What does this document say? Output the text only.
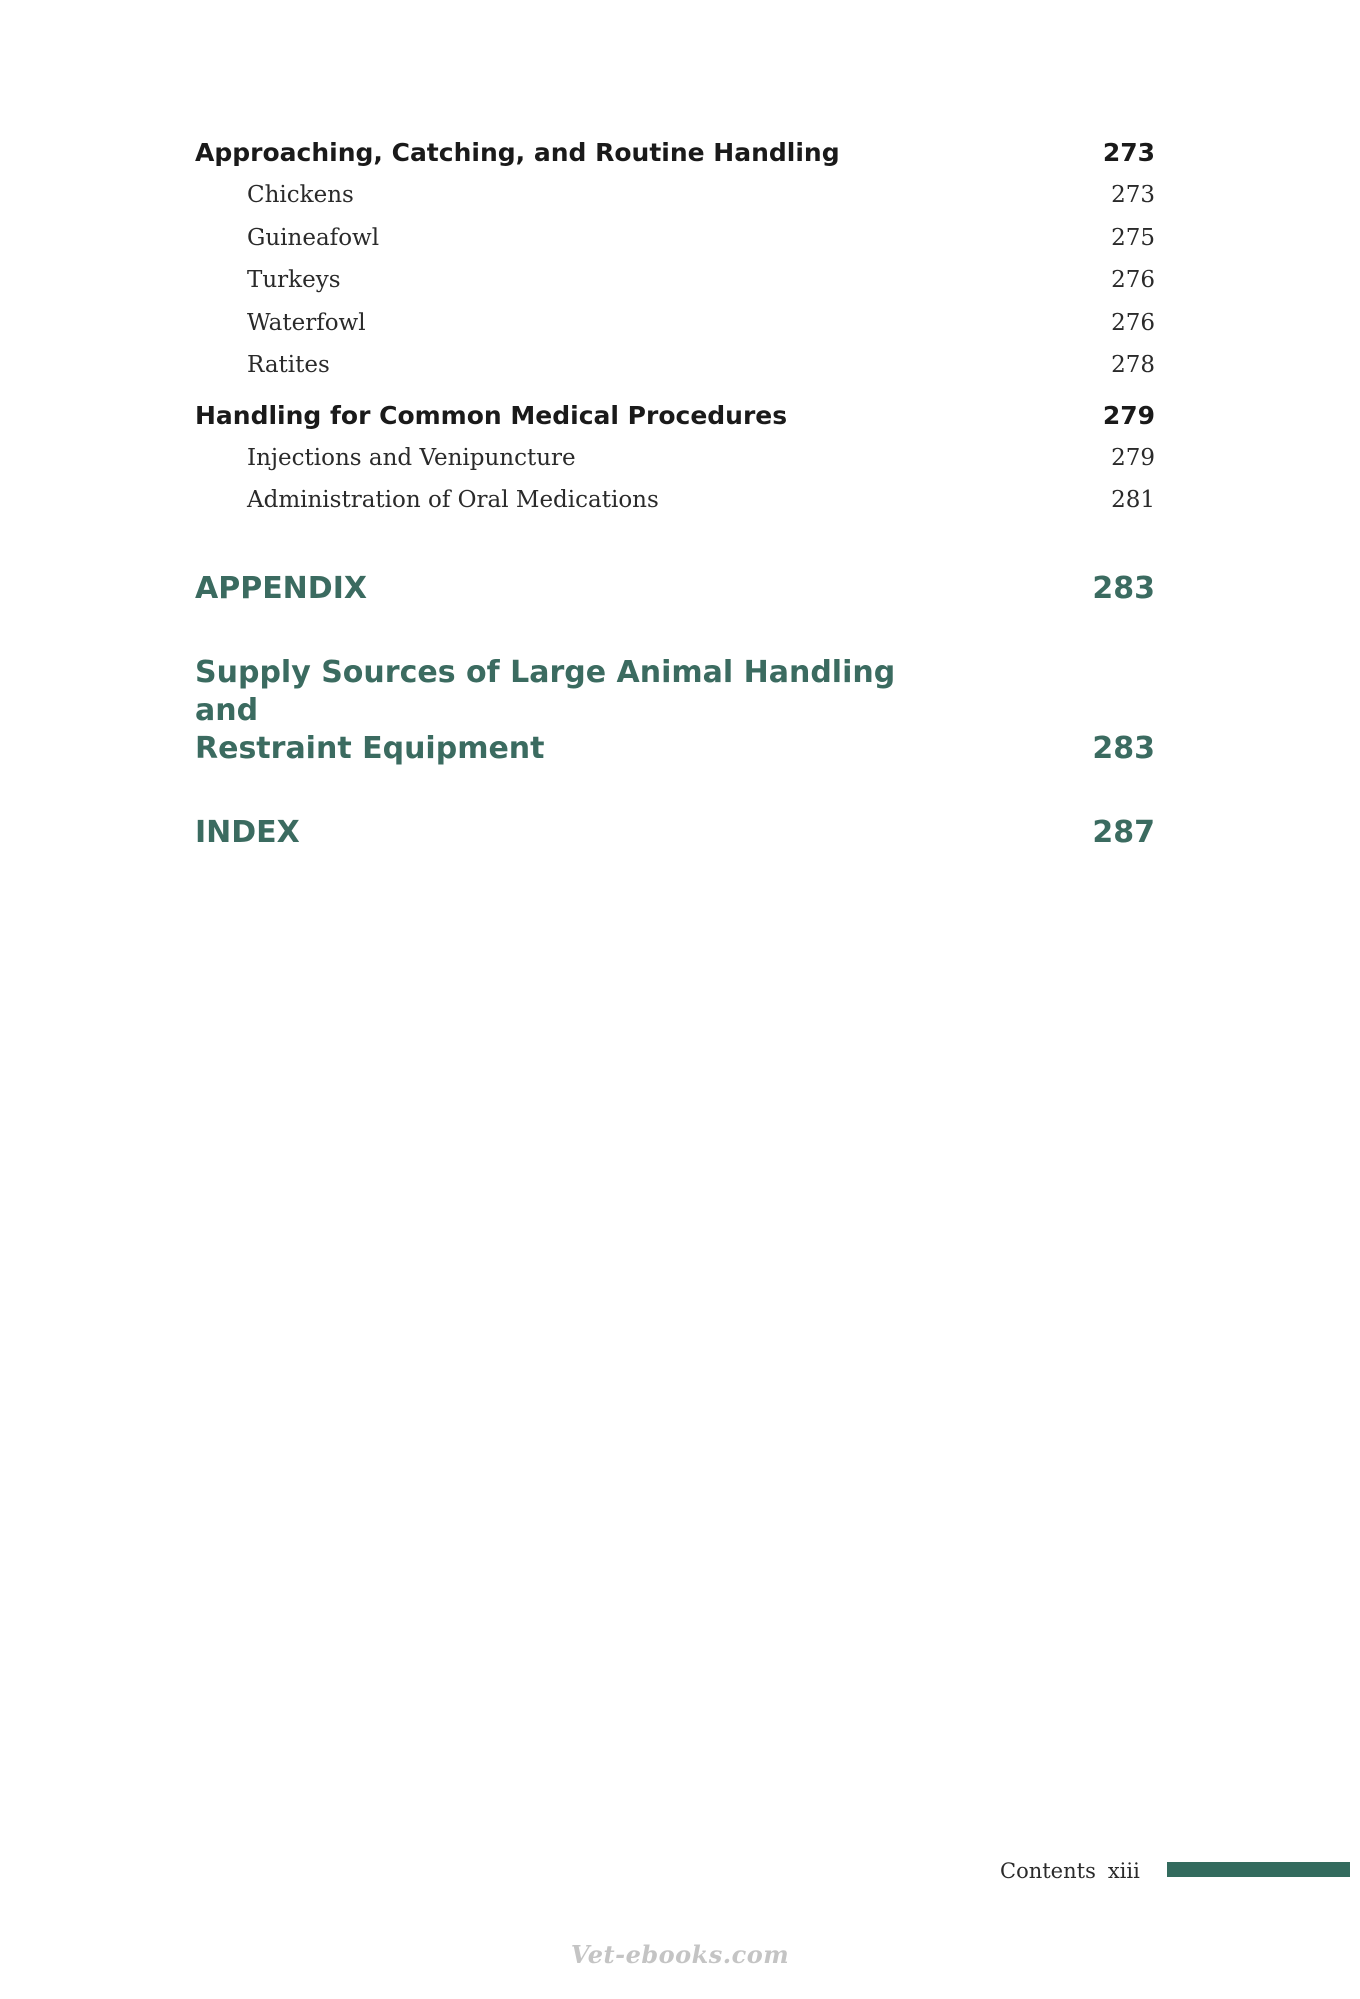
Approaching, Catching, and Routine Handling	273
Chickens	273
Guineafowl	275
Turkeys	276
Waterfowl	276
Ratites	278
Handling for Common Medical Procedures	279
Injections and Venipuncture	279
Administration of Oral Medications	281
APPENDIX	283
Supply Sources of Large Animal Handling and
Restraint Equipment	283
INDEX	287
Contents xiii
Vet-ebooks.com
